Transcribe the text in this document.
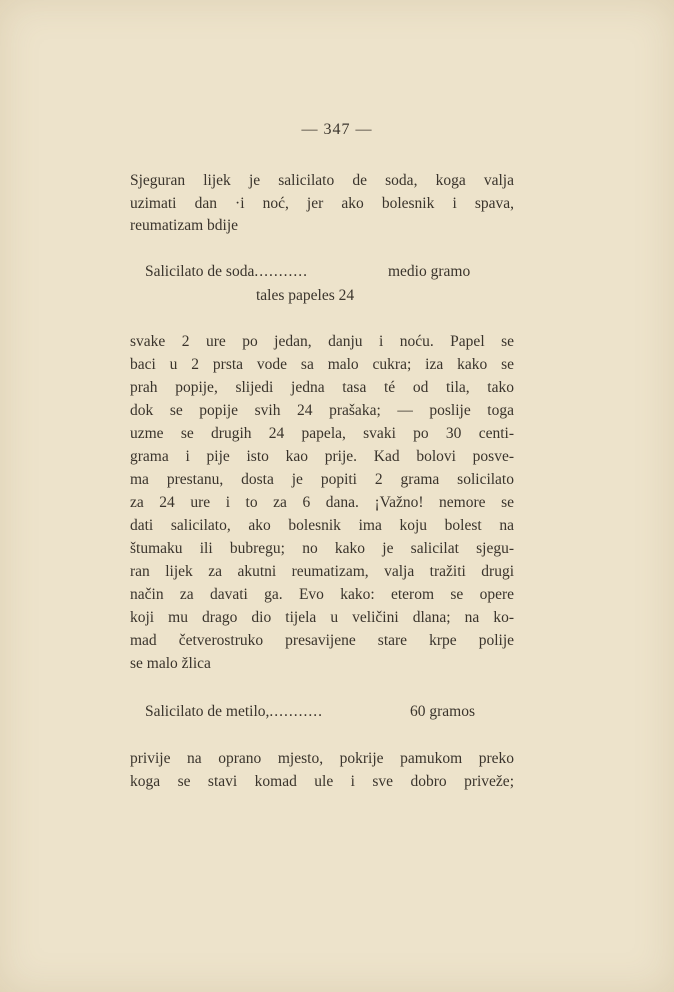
— 347 —
Sjeguran lijek je salicilato de soda, koga valja
uzimati dan ·i noć, jer ako bolesnik i spava,
reumatizam bdije
Salicilato de soda...........	medio gramo
tales papeles 24
svake 2 ure po jedan, danju i noću. Papel se
baci u 2 prsta vode sa malo cukra; iza kako se
prah popije, slijedi jedna tasa té od tila, tako
dok se popije svih 24 prašaka; — poslije toga
uzme se drugih 24 papela, svaki po 30 centi-
grama i pije isto kao prije. Kad bolovi posve-
ma prestanu, dosta je popiti 2 grama solicilato
za 24 ure i to za 6 dana. ¡Važno! nemore se
dati salicilato, ako bolesnik ima koju bolest na
štumaku ili bubregu; no kako je salicilat sjegu-
ran lijek za akutni reumatizam, valja tražiti drugi
način za davati ga. Evo kako: eterom se opere
koji mu drago dio tijela u veličini dlana; na ko-
mad četverostruko presavijene stare krpe polije
se malo žlica
Salicilato de metilo,...........	60 gramos
privije na oprano mjesto, pokrije pamukom preko
koga se stavi komad ule i sve dobro priveže;
